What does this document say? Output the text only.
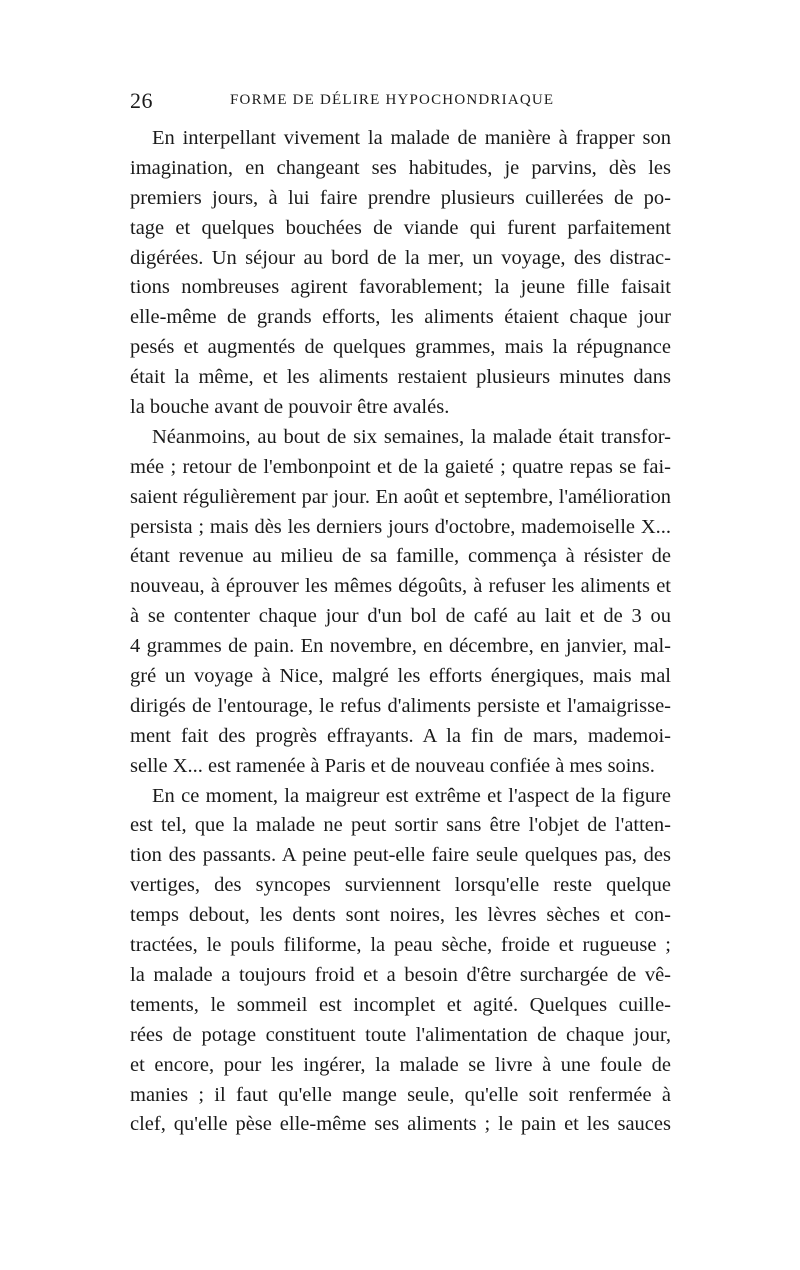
26	FORME DE DÉLIRE HYPOCHONDRIAQUE
En interpellant vivement la malade de manière à frapper son
imagination, en changeant ses habitudes, je parvins, dès les
premiers jours, à lui faire prendre plusieurs cuillerées de po-
tage et quelques bouchées de viande qui furent parfaitement
digérées. Un séjour au bord de la mer, un voyage, des distrac-
tions nombreuses agirent favorablement; la jeune fille faisait
elle-même de grands efforts, les aliments étaient chaque jour
pesés et augmentés de quelques grammes, mais la répugnance
était la même, et les aliments restaient plusieurs minutes dans
la bouche avant de pouvoir être avalés.
Néanmoins, au bout de six semaines, la malade était transfor-
mée ; retour de l'embonpoint et de la gaieté ; quatre repas se fai-
saient régulièrement par jour. En août et septembre, l'amélioration
persista ; mais dès les derniers jours d'octobre, mademoiselle X...
étant revenue au milieu de sa famille, commença à résister de
nouveau, à éprouver les mêmes dégoûts, à refuser les aliments et
à se contenter chaque jour d'un bol de café au lait et de 3 ou
4 grammes de pain. En novembre, en décembre, en janvier, mal-
gré un voyage à Nice, malgré les efforts énergiques, mais mal
dirigés de l'entourage, le refus d'aliments persiste et l'amaigrisse-
ment fait des progrès effrayants. A la fin de mars, mademoi-
selle X... est ramenée à Paris et de nouveau confiée à mes soins.
En ce moment, la maigreur est extrême et l'aspect de la figure
est tel, que la malade ne peut sortir sans être l'objet de l'atten-
tion des passants. A peine peut-elle faire seule quelques pas, des
vertiges, des syncopes surviennent lorsqu'elle reste quelque
temps debout, les dents sont noires, les lèvres sèches et con-
tractées, le pouls filiforme, la peau sèche, froide et rugueuse ;
la malade a toujours froid et a besoin d'être surchargée de vê-
tements, le sommeil est incomplet et agité. Quelques cuille-
rées de potage constituent toute l'alimentation de chaque jour,
et encore, pour les ingérer, la malade se livre à une foule de
manies ; il faut qu'elle mange seule, qu'elle soit renfermée à
clef, qu'elle pèse elle-même ses aliments ; le pain et les sauces
